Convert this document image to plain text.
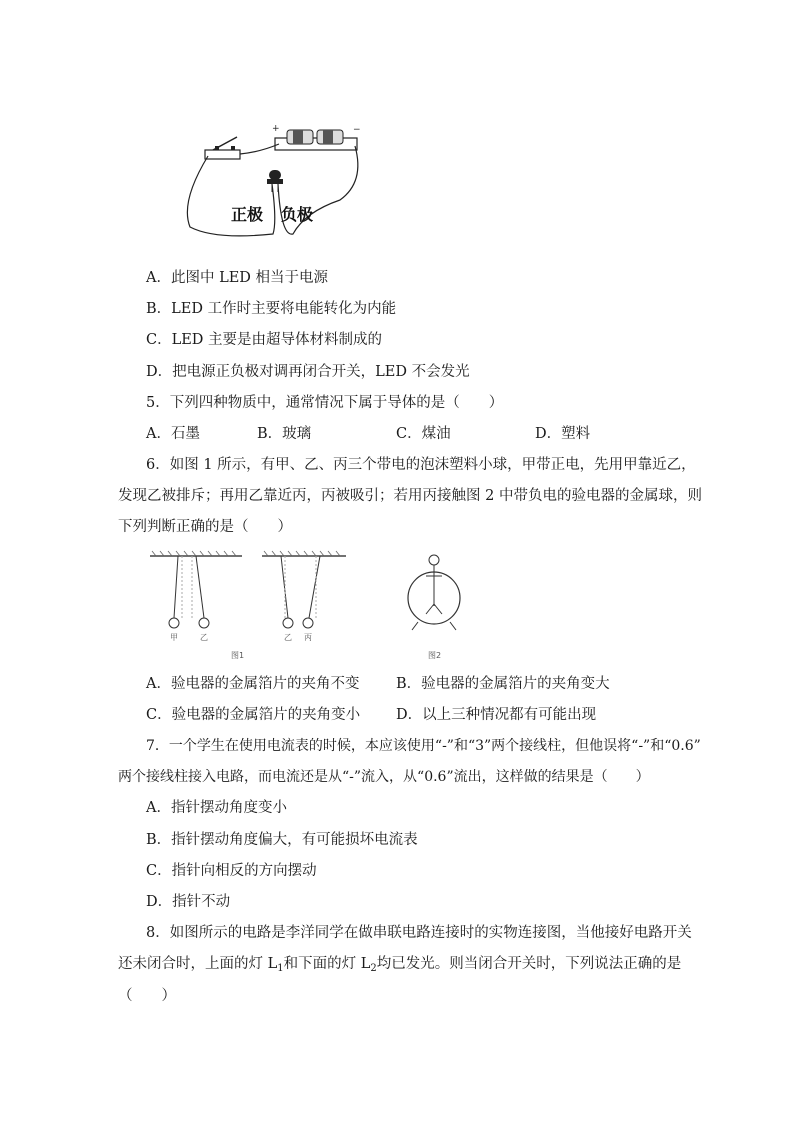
+	−
正极 负极
A．此图中 LED 相当于电源
B．LED 工作时主要将电能转化为内能
C．LED 主要是由超导体材料制成的
D．把电源正负极对调再闭合开关，LED 不会发光
5．下列四种物质中，通常情况下属于导体的是（　　）
A．石墨	B．玻璃	C．煤油	D．塑料
6．如图 1 所示，有甲、乙、丙三个带电的泡沫塑料小球，甲带正电，先用甲靠近乙，
发现乙被排斥；再用乙靠近丙，丙被吸引；若用丙接触图 2 中带负电的验电器的金属球，则
下列判断正确的是（　　）
甲	乙
图1
乙 丙
图2
A．验电器的金属箔片的夹角不变	B．验电器的金属箔片的夹角变大
C．验电器的金属箔片的夹角变小 D．以上三种情况都有可能出现
7．一个学生在使用电流表的时候，本应该使用“-”和“3”两个接线柱，但他误将“-”和“0.6”
两个接线柱接入电路，而电流还是从“-”流入，从“0.6”流出，这样做的结果是（　　）
A．指针摆动角度变小
B．指针摆动角度偏大，有可能损坏电流表
C．指针向相反的方向摆动
D．指针不动
8．如图所示的电路是李洋同学在做串联电路连接时的实物连接图，当他接好电路开关
还未闭合时，上面的灯 $L_1$和下面的灯 $L_2$均已发光。则当闭合开关时，下列说法正确的是
（　　）
